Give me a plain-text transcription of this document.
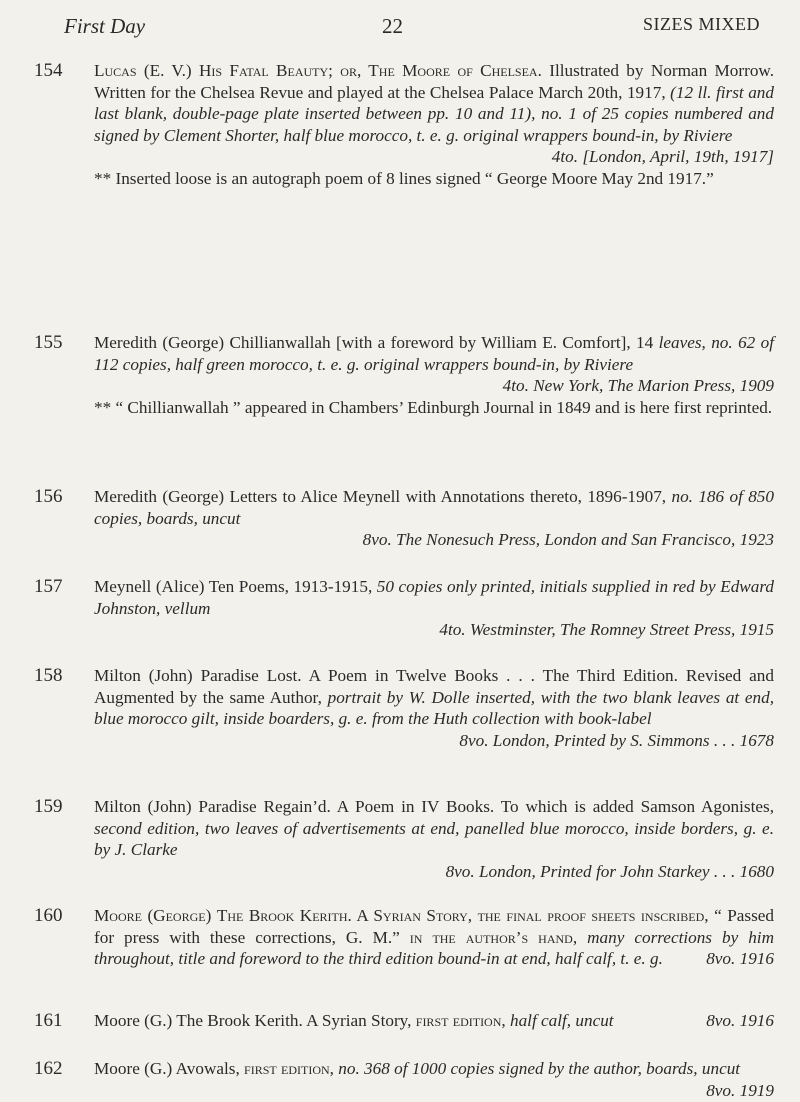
First Day	22	SIZES MIXED
154 Lucas (E. V.) His Fatal Beauty; or, The Moore of Chelsea. Illustrated by Norman Morrow. Written for the Chelsea Revue and played at the Chelsea Palace March 20th, 1917, (12 ll. first and last blank, double-page plate inserted between pp. 10 and 11), no. 1 of 25 copies numbered and signed by Clement Shorter, half blue morocco, t. e. g. original wrappers bound-in, by Riviere

4to. [London, April, 19th, 1917]

** Inserted loose is an autograph poem of 8 lines signed “ George Moore May 2nd 1917.”

155 Meredith (George) Chillianwallah [with a foreword by William E. Comfort], 14 leaves, no. 62 of 112 copies, half green morocco, t. e. g. original wrappers bound-in, by Riviere

4to. New York, The Marion Press, 1909

** “ Chillianwallah ” appeared in Chambers’ Edinburgh Journal in 1849 and is here first reprinted.

156 Meredith (George) Letters to Alice Meynell with Annotations thereto, 1896-1907, no. 186 of 850 copies, boards, uncut

8vo. The Nonesuch Press, London and San Francisco, 1923

157 Meynell (Alice) Ten Poems, 1913-1915, 50 copies only printed, initials supplied in red by Edward Johnston, vellum

4to. Westminster, The Romney Street Press, 1915

158 Milton (John) Paradise Lost. A Poem in Twelve Books . . . The Third Edition. Revised and Augmented by the same Author, portrait by W. Dolle inserted, with the two blank leaves at end, blue morocco gilt, inside boarders, g. e. from the Huth collection with book-label

8vo. London, Printed by S. Simmons . . . 1678

159 Milton (John) Paradise Regain’d. A Poem in IV Books. To which is added Samson Agonistes, second edition, two leaves of advertisements at end, panelled blue morocco, inside borders, g. e. by J. Clarke

8vo. London, Printed for John Starkey . . . 1680

160 Moore (George) The Brook Kerith. A Syrian Story, the final proof sheets inscribed, “ Passed for press with these corrections, G. M.” in the author’s hand, many corrections by him throughout, title and foreword to the third edition bound-in at end, half calf, t. e. g.	8vo. 1916

161 Moore (G.) The Brook Kerith. A Syrian Story, first edition, half calf, uncut	8vo. 1916

162 Moore (G.) Avowals, first edition, no. 368 of 1000 copies signed by the author, boards, uncut
8vo. 1919
